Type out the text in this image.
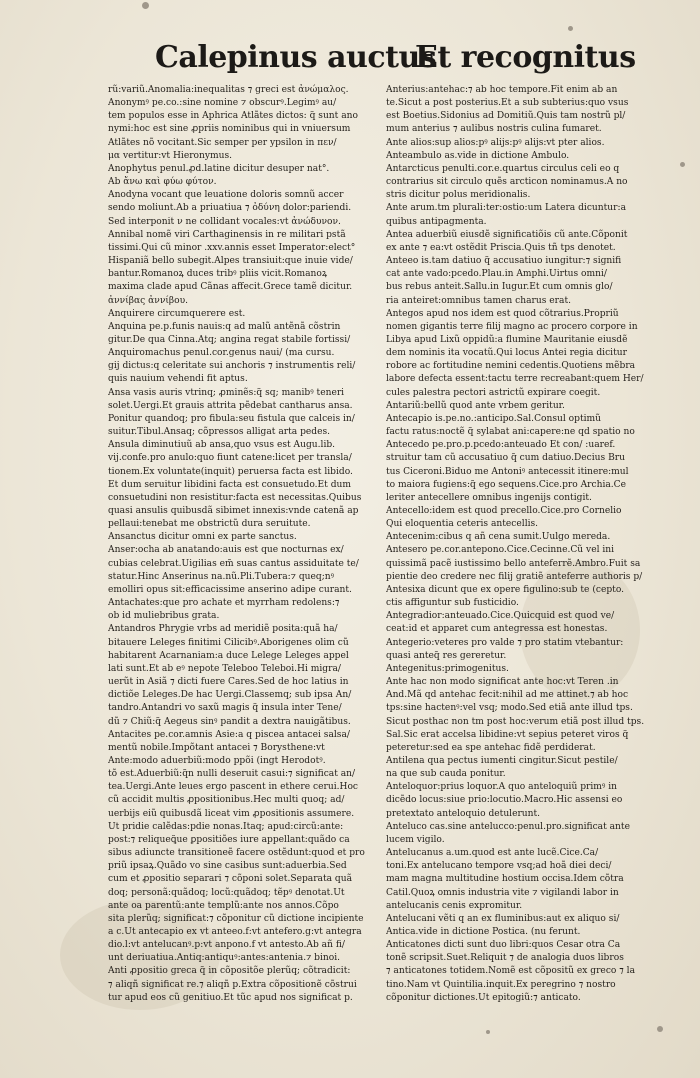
Calepinus auctus
Et recognitus
rũ:variũ.Anomalia:inequalitas ⁊ greci est ἀνώμαλος.
Anonymꝰ pe.co.:sine nomine ⁊ obscurꝰ.Legimꝰ au/
tem populos esse in Aphrica Atlãtes dictos: q̃ sunt ano
nymi:hoc est sine ꝓpriis nominibus qui in vniuersum
Atlãtes nõ vocitant.Sic semper per ypsilon in πεν/
μα vertitur:vt Hieronymus.
Anophytus penul.ꝓd.latine dicitur desuper nat°.
Ab ἄνω καὶ φύω φύτον.
Anodyna vocant que leuatione doloris somnũ accer
sendo moliunt.Ab a priuatiua ⁊ ὀδύνη dolor:pariendi.
Sed interponit̃ ν ne collidant vocales:vt ἀνώδυνον.
Annibal nomẽ viri Carthaginensis in re militari pstã
tissimi.Qui cũ minor .xxv.annis esset Imperator:elect°
Hispaniã bello subegit.Alpes transiuit:que inuie vide/
bantur.Romanoꝝ duces tribꝰ pliis vicit.Romanoꝝ
maxima clade apud Cãnas affecit.Grece tamẽ dicitur.
ἀννίβας ἀννίβου.
Anquirere circumquerere est.
Anquina pe.p.funis nauis:q ad malũ antẽnã cõstrin
gitur.De qua Cinna.Atq; angina regat stabile fortissi/
Anquiromachus penul.cor.genus naui/ (ma cursu.
gij dictus:q celeritate sui anchoris ⁊ instrumentis reli/
quis nauium vehendi fit aptus.
Ansa vasis auris vtrinq; ꝓminẽs:q̃ sq; manibꝰ teneri
solet.Uergi.Et grauis attrita pẽdebat cantharus ansa.
Ponitur quandoq; pro fibula:seu fistula que calceis in/
suitur.Tibul.Ansaq; cõpressos alligat arta pedes.
Ansula diminutiuũ ab ansa,quo vsus est Augu.lib.
vij.confe.pro anulo:quo fiunt catene:licet per transla/
tionem.Ex voluntate(inquit) peruersa facta est libido.
Et dum seruitur libidini facta est consuetudo.Et dum
consuetudini non resistitur:facta est necessitas.Quibus
quasi ansulis quibusdã sibimet innexis:vnde catenã ap
pellaui:tenebat me obstrictũ dura seruitute.
Ansanctus dicitur omni ex parte sanctus.
Anser:ocha ab anatando:auis est que nocturnas ex/
cubias celebrat.Uigilias em̃ suas cantus assiduitate te/
statur.Hinc Anserinus na.nũ.Pli.Tubera:⁊ queq;nꝰ
emolliri opus sit:efficacissime anserino adipe curant.
Antachates:que pro achate et myrrham redolens:⁊
ob id muliebribus grata.
Antandros Phrygie vrbs ad meridiẽ posita:quã ha/
bitauere Leleges finitimi Cilicibꝰ.Aborigenes olim cũ
habitarent Acarnaniam:a duce Lelege Leleges appel
lati sunt.Et ab eꝰ nepote Teleboo Teleboi.Hi migra/
uerũt in Asiã ⁊ dicti fuere Cares.Sed de hoc latius in
dictiõe Leleges.De hac Uergi.Classemq; sub ipsa An/
tandro.Antandri vo saxũ magis q̃ insula inter Tene/
dũ ⁊ Chiũ:q̃ Aegeus sinꝰ pandit a dextra nauigãtibus.
Antacites pe.cor.amnis Asie:a q piscea antacei salsa/
mentũ nobile.Impõtant antacei ⁊ Borysthene:vt
Ante:modo aduerbiũ:modo ppõi (ingt Herodotꝰ.
tõ est.Aduerbiũ:q̃n nulli deseruit casui:⁊ significat an/
tea.Uergi.Ante leues ergo pascent in ethere cerui.Hoc
cũ accidit multis ꝓpositionibus.Hec multi quoq; ad/
uerbijs eiũ quibusdã liceat vim ꝓpositionis assumere.
Ut pridie calẽdas:pdie nonas.Itaq; apud:circũ:ante:
post:⁊ reliqueꝗ̃ue ꝑpositiões iure appellant:quãdo ca
sibus adiuncte transitioneẽ facere ostẽdunt:quod et pro
priũ ipsaꝝ.Quãdo vo sine casibus sunt:aduerbia.Sed
cum et ꝓpositio separari ⁊ cõponi solet.Separata quã
doq; personã:quãdoq; locũ:quãdoq; tẽpꝰ denotat.Ut
ante oa parentũ:ante templũ:ante nos annos.Cõpo
sita plerũq; significat:⁊ cõponitur cũ dictione incipiente
a c.Ut antecapio ex vt anteeo.f:vt antefero.g:vt antegra
dio.l:vt antelucanꝰ.p:vt anpono.f vt antesto.Ab añ fi/
unt deriuatiua.Antiq:antiquꝰ:antes:antenia.⁊ binoi.
Anti ꝓpositio greca q̃ in cõpositõe plerũq; cõtradicit:
⁊ aliqñ significat re.⁊ aliqñ p.Extra cõpositionẽ cõstrui
tur apud eos cũ genitiuo.Et tũc apud nos significat p.
Anterius:antehac:⁊ ab hoc tempore.Fit enim ab an
te.Sicut a post posterius.Et a sub subterius:quo vsus
est Boetius.Sidonius ad Domitiũ.Quis tam nostrũ pl/
mum anterius ⁊ aulibus nostris culina fumaret.
Ante alios:sup alios:pꝰ alijs:pꝰ alijs:vt pter alios.
Anteambulo as.vide in dictione Ambulo.
Antarcticus penulti.cor.e.quartus circulus celi eo q
contrarius sit circulo quẽs arcticon nominamus.A no
stris dicitur polus meridionalis.
Ante arum.tm plurali:ter:ostio:um Latera dicuntur:a
quibus antipagmenta.
Antea aduerbiũ eiusdẽ significatiõis cũ ante.Cõponit̃
ex ante ⁊ ea:vt ostẽdit Priscia.Quis tñ tps denotet.
Anteeo is.tam datiuo q̃ accusatiuo iungitur:⁊ signifi
cat ante vado:pcedo.Plau.in Amphi.Uirtus omni/
bus rebus anteit.Sallu.in Iugur.Et cum omnis glo/
ria anteiret:omnibus tamen charus erat.
Antegos apud nos idem est quod cõtrarius.Propriũ
nomen gigantis terre filij magno ac procero corpore in
Libya apud Lixũ oppidũ:a flumine Mauritanie eiusdẽ
dem nominis ita vocatũ.Qui locus Antei regia dicitur
robore ac fortitudine nemini cedentis.Quotiens mẽbra
labore defecta essent:tactu terre recreabant:quem Her/
cules palestra pectori astrictũ expirare coegit.
Antariũ:bellũ quod ante vrbem geritur.
Antecapio is.pe.no.:anticipo.Sal.Consul optimũ
factu ratus:noctẽ q̃ sylabat ani:capere:ne qd spatio no
Antecedo pe.pro.p.pcedo:anteuado Et con/ :uaref.
struitur tam cũ accusatiuo q̃ cum datiuo.Decius Bru
tus Ciceroni.Biduo me Antoniꝰ antecessit itinere:mul
to maiora fugiens:q̃ ego sequens.Cice.pro Archia.Ce
leriter antecellere omnibus ingenijs contigit.
Antecello:idem est quod precello.Cice.pro Cornelio
Qui eloquentia ceteris antecellis.
Antecenim:cibus q añ cena sumit.Uulgo mereda.
Antesero pe.cor.antepono.Cice.Cecinne.Cũ vel ini
quissimã pacẽ iustissimo bello anteferrẽ.Ambro.Fuit sa
pientie deo credere nec filij gratiẽ anteferre authoris p/
Antesixa dicunt que ex opere figulino:sub te (cepto.
ctis affiguntur sub fusticidio.
Antegradior:anteuado.Cice.Quicquid est quod ve/
ceat:id et apparet cum antegressa est honestas.
Antegerio:veteres pro valde ⁊ pro statim vtebantur:
quasi anteq̃ res gereretur.
Antegenitus:primogenitus.
Ante hac non modo significat ante hoc:vt Teren .in
And.Mã qd antehac fecit:nihil ad me attinet.⁊ ab hoc
tps:sine hactenꝰ:vel vsq; modo.Sed etiã ante illud tps.
Sicut posthac non tm post hoc:verum etiã post illud tps.
Sal.Sic erat accelsa libidine:vt sepius peteret viros q̃
peteretur:sed ea spe antehac fidẽ perdiderat.
Antilena qua pectus iumenti cingitur.Sicut pestile/
na que sub cauda ponitur.
Anteloquor:prius loquor.A quo anteloquiũ primꝰ in
dicẽdo locus:siue prio:locutio.Macro.Hic assensi eo
pretextato anteloquio detulerunt.
Anteluco cas.sine antelucco:penul.pro.significat ante
lucem vigilo.
Antelucanus a.um.quod est ante lucẽ.Cice.Ca/
toni.Ex antelucano tempore vsq;ad hoã diei deci/
mam magna multitudine hostium occisa.Idem cõtra
Catil.Quoꝝ omnis industria vite ⁊ vigilandi labor in
antelucanis cenis expromitur.
Antelucani vẽti q an ex fluminibus:aut ex aliquo si/
Antica.vide in dictione Postica. (nu ferunt.
Anticatones dicti sunt duo libri:quos Cesar otra Ca
tonẽ scripsit.Suet.Reliquit ⁊ de analogia duos libros
⁊ anticatones totidem.Nomẽ est cõpositũ ex greco ⁊ la
tino.Nam vt Quintilia.inquit.Ex peregrino ⁊ nostro
cõponitur dictiones.Ut epitogiũ:⁊ anticato.
